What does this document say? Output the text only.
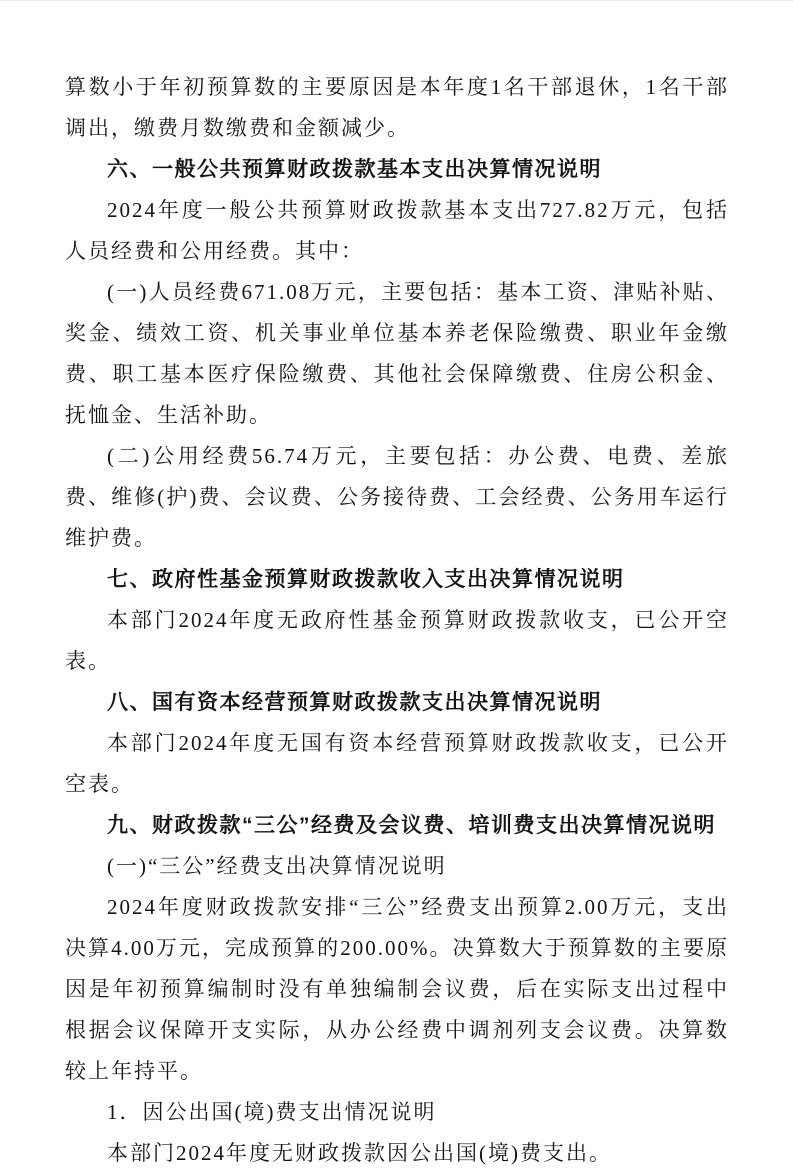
算数小于年初预算数的主要原因是本年度1名干部退休，1名干部调出，缴费月数缴费和金额减少。

六、一般公共预算财政拨款基本支出决算情况说明

2024年度一般公共预算财政拨款基本支出727.82万元，包括人员经费和公用经费。其中：

(一)人员经费671.08万元，主要包括：基本工资、津贴补贴、奖金、绩效工资、机关事业单位基本养老保险缴费、职业年金缴费、职工基本医疗保险缴费、其他社会保障缴费、住房公积金、抚恤金、生活补助。

(二)公用经费56.74万元，主要包括：办公费、电费、差旅费、维修(护)费、会议费、公务接待费、工会经费、公务用车运行维护费。

七、政府性基金预算财政拨款收入支出决算情况说明

本部门2024年度无政府性基金预算财政拨款收支，已公开空表。

八、国有资本经营预算财政拨款支出决算情况说明

本部门2024年度无国有资本经营预算财政拨款收支，已公开空表。

九、财政拨款“三公”经费及会议费、培训费支出决算情况说明

(一)“三公”经费支出决算情况说明

2024年度财政拨款安排“三公”经费支出预算2.00万元，支出决算4.00万元，完成预算的200.00%。决算数大于预算数的主要原因是年初预算编制时没有单独编制会议费，后在实际支出过程中根据会议保障开支实际，从办公经费中调剂列支会议费。决算数较上年持平。

1．因公出国(境)费支出情况说明

本部门2024年度无财政拨款因公出国(境)费支出。
